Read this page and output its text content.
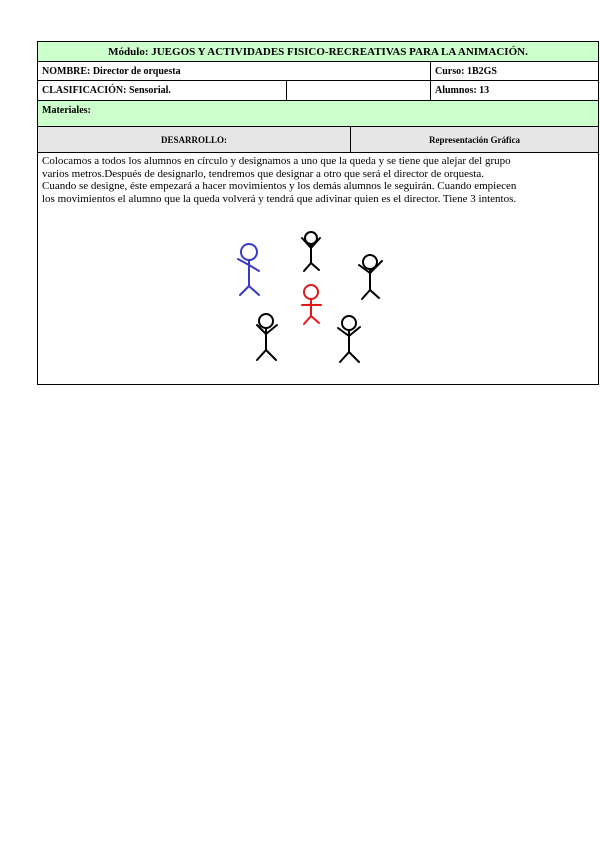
Módulo: JUEGOS Y ACTIVIDADES FISICO-RECREATIVAS PARA LA ANIMACIÓN.
NOMBRE: Director de orquesta	Curso: 1B2GS
CLASIFICACIÓN: Sensorial.	Alumnos: 13
Materiales:
DESARROLLO:	Representación Gráfica
Colocamos a todos los alumnos en círculo y designamos a uno que la queda y se tiene que alejar del grupo
varios metros.Después de designarlo, tendremos que designar a otro que será el director de orquesta.
Cuando se designe, éste empezará a hacer movimientos y los demás alumnos le seguirán. Cuando empiecen
los movimientos el alumno que la queda volverá y tendrá que adivinar quien es el director. Tiene 3 intentos.
